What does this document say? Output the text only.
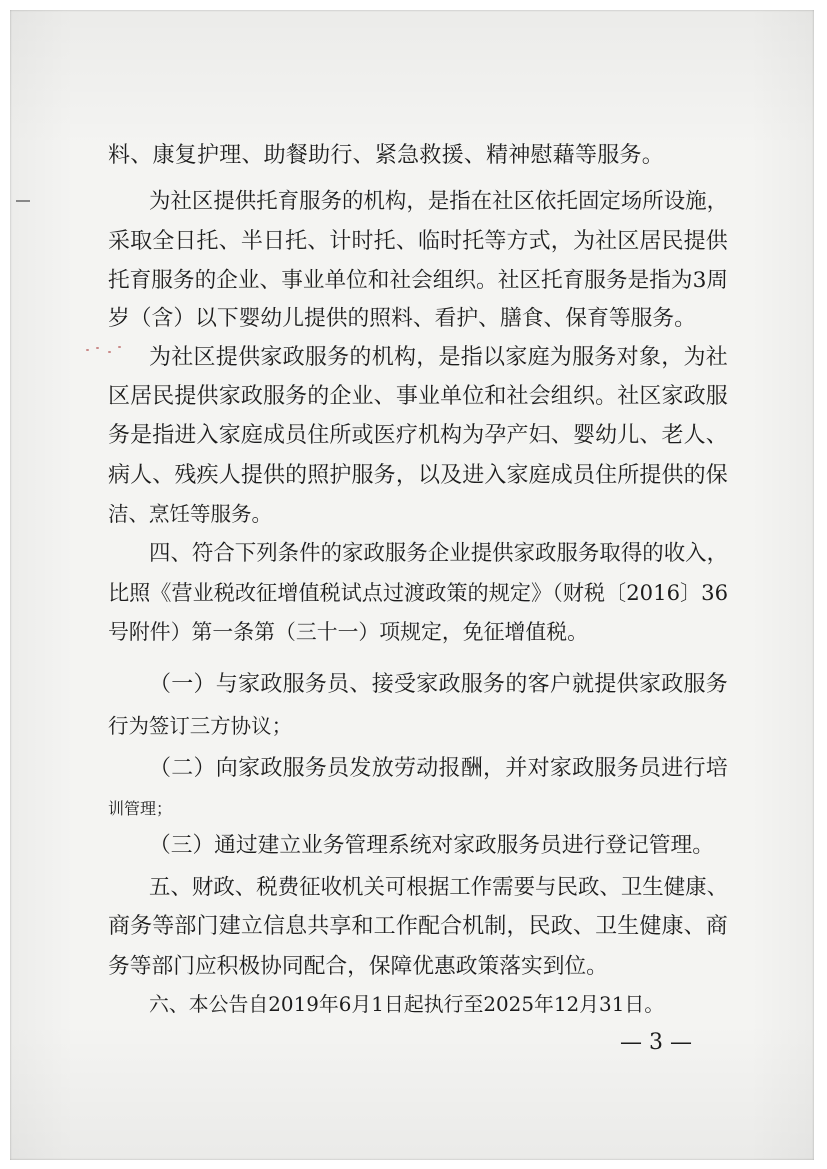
料、康复护理、助餐助行、紧急救援、精神慰藉等服务。
为社区提供托育服务的机构，是指在社区依托固定场所设施，
采取全日托、半日托、计时托、临时托等方式，为社区居民提供
托育服务的企业、事业单位和社会组织。社区托育服务是指为3周
岁（含）以下婴幼儿提供的照料、看护、膳食、保育等服务。
为社区提供家政服务的机构，是指以家庭为服务对象，为社
区居民提供家政服务的企业、事业单位和社会组织。社区家政服
务是指进入家庭成员住所或医疗机构为孕产妇、婴幼儿、老人、
病人、残疾人提供的照护服务，以及进入家庭成员住所提供的保
洁、烹饪等服务。
四、符合下列条件的家政服务企业提供家政服务取得的收入，
比照《营业税改征增值税试点过渡政策的规定》（财税〔2016〕36
号附件）第一条第（三十一）项规定，免征增值税。
（一）与家政服务员、接受家政服务的客户就提供家政服务
行为签订三方协议；
（二）向家政服务员发放劳动报酬，并对家政服务员进行培
训管理；
（三）通过建立业务管理系统对家政服务员进行登记管理。
五、财政、税费征收机关可根据工作需要与民政、卫生健康、
商务等部门建立信息共享和工作配合机制，民政、卫生健康、商
务等部门应积极协同配合，保障优惠政策落实到位。
六、本公告自2019年6月1日起执行至2025年12月31日。
— 3 —
